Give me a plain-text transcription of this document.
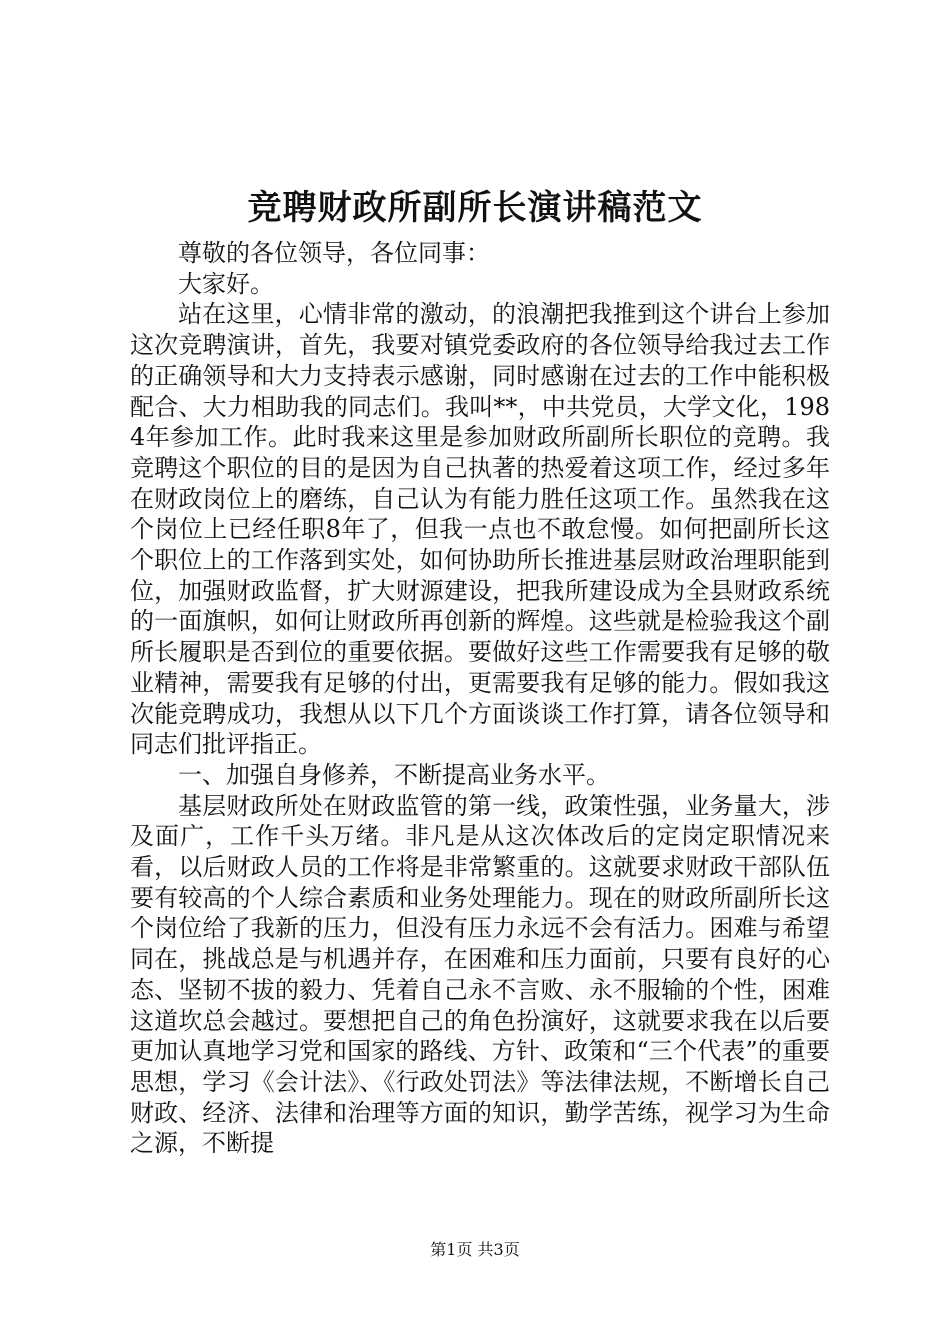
竞聘财政所副所长演讲稿范文

尊敬的各位领导，各位同事：

大家好。

站在这里，心情非常的激动，的浪潮把我推到这个讲台上参加这次竞聘演讲，首先，我要对镇党委政府的各位领导给我过去工作的正确领导和大力支持表示感谢，同时感谢在过去的工作中能积极配合、大力相助我的同志们。我叫**，中共党员，大学文化，1984年参加工作。此时我来这里是参加财政所副所长职位的竞聘。我竞聘这个职位的目的是因为自己执著的热爱着这项工作，经过多年在财政岗位上的磨练，自己认为有能力胜任这项工作。虽然我在这个岗位上已经任职8年了，但我一点也不敢怠慢。如何把副所长这个职位上的工作落到实处，如何协助所长推进基层财政治理职能到位，加强财政监督，扩大财源建设，把我所建设成为全县财政系统的一面旗帜，如何让财政所再创新的辉煌。这些就是检验我这个副所长履职是否到位的重要依据。要做好这些工作需要我有足够的敬业精神，需要我有足够的付出，更需要我有足够的能力。假如我这次能竞聘成功，我想从以下几个方面谈谈工作打算，请各位领导和同志们批评指正。

一、加强自身修养，不断提高业务水平。

基层财政所处在财政监管的第一线，政策性强，业务量大，涉及面广，工作千头万绪。非凡是从这次体改后的定岗定职情况来看，以后财政人员的工作将是非常繁重的。这就要求财政干部队伍要有较高的个人综合素质和业务处理能力。现在的财政所副所长这个岗位给了我新的压力，但没有压力永远不会有活力。困难与希望同在，挑战总是与机遇并存，在困难和压力面前，只要有良好的心态、坚韧不拔的毅力、凭着自己永不言败、永不服输的个性，困难这道坎总会越过。要想把自己的角色扮演好，这就要求我在以后要更加认真地学习党和国家的路线、方针、政策和“三个代表”的重要思想，学习《会计法》、《行政处罚法》等法律法规，不断增长自己财政、经济、法律和治理等方面的知识，勤学苦练，视学习为生命之源，不断提

第1页 共3页
